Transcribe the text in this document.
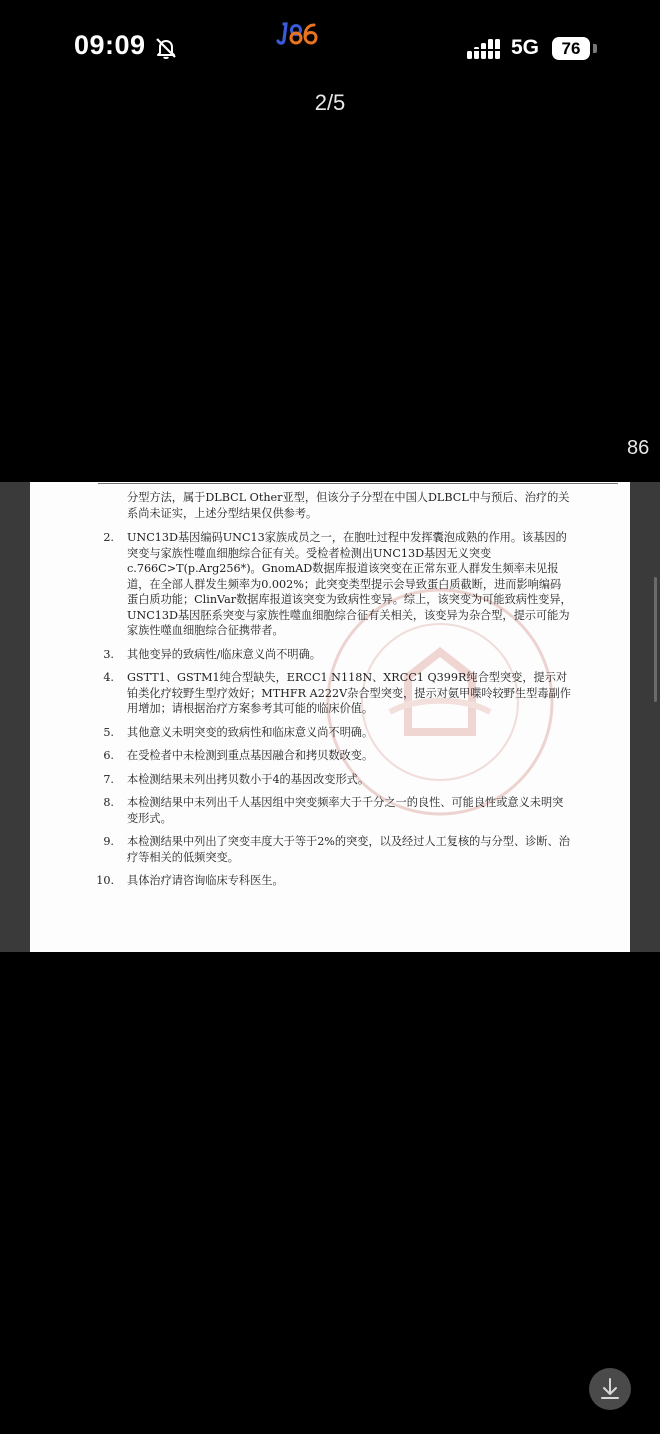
09:09	5G 76
2/5
分型方法，属于DLBCL Other亚型，但该分子分型在中国人DLBCL中与预后、治疗的关系尚未证实，上述分型结果仅供参考。
2. UNC13D基因编码UNC13家族成员之一，在胞吐过程中发挥囊泡成熟的作用。该基因的突变与家族性噬血细胞综合征有关。受检者检测出UNC13D基因无义突变c.766C>T(p.Arg256*)。GnomAD数据库报道该突变在正常东亚人群发生频率未见报道，在全部人群发生频率为0.002%；此突变类型提示会导致蛋白质截断，进而影响编码蛋白质功能；ClinVar数据库报道该突变为致病性变异。综上，该突变为可能致病性变异，UNC13D基因胚系突变与家族性噬血细胞综合征有关相关，该变异为杂合型，提示可能为家族性噬血细胞综合征携带者。
3. 其他变异的致病性/临床意义尚不明确。
4. GSTT1、GSTM1纯合型缺失，ERCC1 N118N、XRCC1 Q399R纯合型突变，提示对铂类化疗较野生型疗效好；MTHFR A222V杂合型突变，提示对氨甲喋呤较野生型毒副作用增加；请根据治疗方案参考其可能的临床价值。
5. 其他意义未明突变的致病性和临床意义尚不明确。
6. 在受检者中未检测到重点基因融合和拷贝数改变。
7. 本检测结果未列出拷贝数小于4的基因改变形式。
8. 本检测结果中未列出千人基因组中突变频率大于千分之一的良性、可能良性或意义未明突变形式。
9. 本检测结果中列出了突变丰度大于等于2%的突变，以及经过人工复核的与分型、诊断、治疗等相关的低频突变。
10. 具体治疗请咨询临床专科医生。
86
